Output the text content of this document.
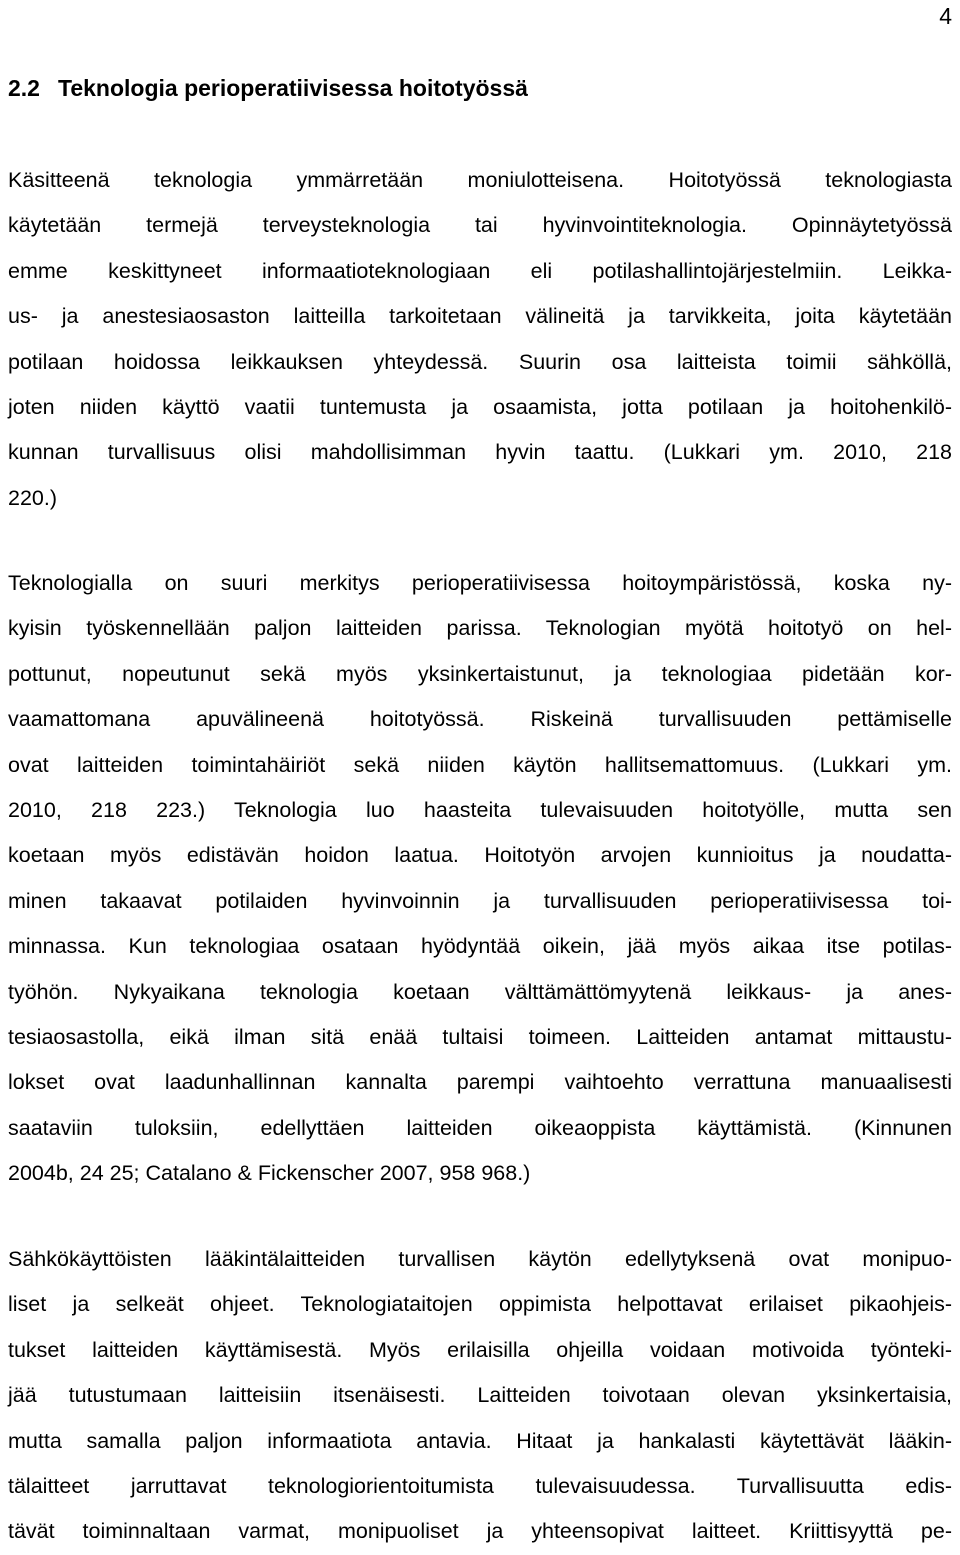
4
2.2 Teknologia perioperatiivisessa hoitotyössä
Käsitteenä teknologia ymmärretään moniulotteisena. Hoitotyössä teknologiasta
käytetään termejä terveysteknologia tai hyvinvointiteknologia. Opinnäytetyössä
emme keskittyneet informaatioteknologiaan eli potilashallintojärjestelmiin. Leikka-
us- ja anestesiaosaston laitteilla tarkoitetaan välineitä ja tarvikkeita, joita käytetään
potilaan hoidossa leikkauksen yhteydessä. Suurin osa laitteista toimii sähköllä,
joten niiden käyttö vaatii tuntemusta ja osaamista, jotta potilaan ja hoitohenkilö-
kunnan turvallisuus olisi mahdollisimman hyvin taattu. (Lukkari ym. 2010, 218
220.)
Teknologialla on suuri merkitys perioperatiivisessa hoitoympäristössä, koska ny-
kyisin työskennellään paljon laitteiden parissa. Teknologian myötä hoitotyö on hel-
pottunut, nopeutunut sekä myös yksinkertaistunut, ja teknologiaa pidetään kor-
vaamattomana apuvälineenä hoitotyössä. Riskeinä turvallisuuden pettämiselle
ovat laitteiden toimintahäiriöt sekä niiden käytön hallitsemattomuus. (Lukkari ym.
2010, 218 223.) Teknologia luo haasteita tulevaisuuden hoitotyölle, mutta sen
koetaan myös edistävän hoidon laatua. Hoitotyön arvojen kunnioitus ja noudatta-
minen takaavat potilaiden hyvinvoinnin ja turvallisuuden perioperatiivisessa toi-
minnassa. Kun teknologiaa osataan hyödyntää oikein, jää myös aikaa itse potilas-
työhön. Nykyaikana teknologia koetaan välttämättömyytenä leikkaus- ja anes-
tesiaosastolla, eikä ilman sitä enää tultaisi toimeen. Laitteiden antamat mittaustu-
lokset ovat laadunhallinnan kannalta parempi vaihtoehto verrattuna manuaalisesti
saataviin tuloksiin, edellyttäen laitteiden oikeaoppista käyttämistä. (Kinnunen
2004b, 24 25; Catalano & Fickenscher 2007, 958 968.)
Sähkökäyttöisten lääkintälaitteiden turvallisen käytön edellytyksenä ovat monipuo-
liset ja selkeät ohjeet. Teknologiataitojen oppimista helpottavat erilaiset pikaohjeis-
tukset laitteiden käyttämisestä. Myös erilaisilla ohjeilla voidaan motivoida työnteki-
jää tutustumaan laitteisiin itsenäisesti. Laitteiden toivotaan olevan yksinkertaisia,
mutta samalla paljon informaatiota antavia. Hitaat ja hankalasti käytettävät lääkin-
tälaitteet jarruttavat teknologiorientoitumista tulevaisuudessa. Turvallisuutta edis-
tävät toiminnaltaan varmat, monipuoliset ja yhteensopivat laitteet. Kriittisyyttä pe-
